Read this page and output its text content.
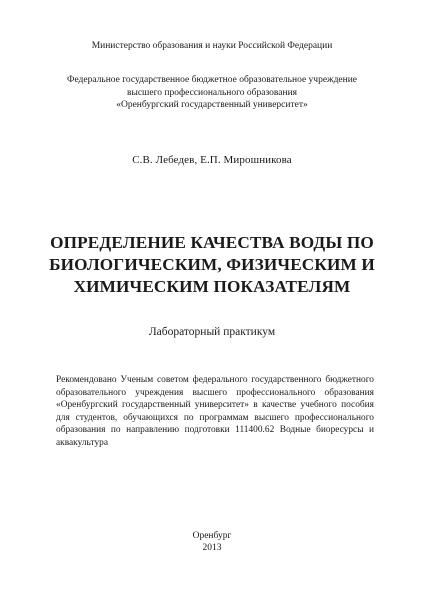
Министерство образования и науки Российской Федерации
Федеральное государственное бюджетное образовательное учреждение
высшего профессионального образования
«Оренбургский государственный университет»
С.В. Лебедев, Е.П. Мирошникова
ОПРЕДЕЛЕНИЕ КАЧЕСТВА ВОДЫ ПО
БИОЛОГИЧЕСКИМ, ФИЗИЧЕСКИМ И
ХИМИЧЕСКИМ ПОКАЗАТЕЛЯМ
Лабораторный практикум
Рекомендовано Ученым советом федерального государственного бюджетного
образовательного учреждения высшего профессионального образования
«Оренбургский государственный университет» в качестве учебного пособия
для студентов, обучающихся по программам высшего профессионального
образования по направлению подготовки 111400.62 Водные биоресурсы и
аквакультура
Оренбург
2013
